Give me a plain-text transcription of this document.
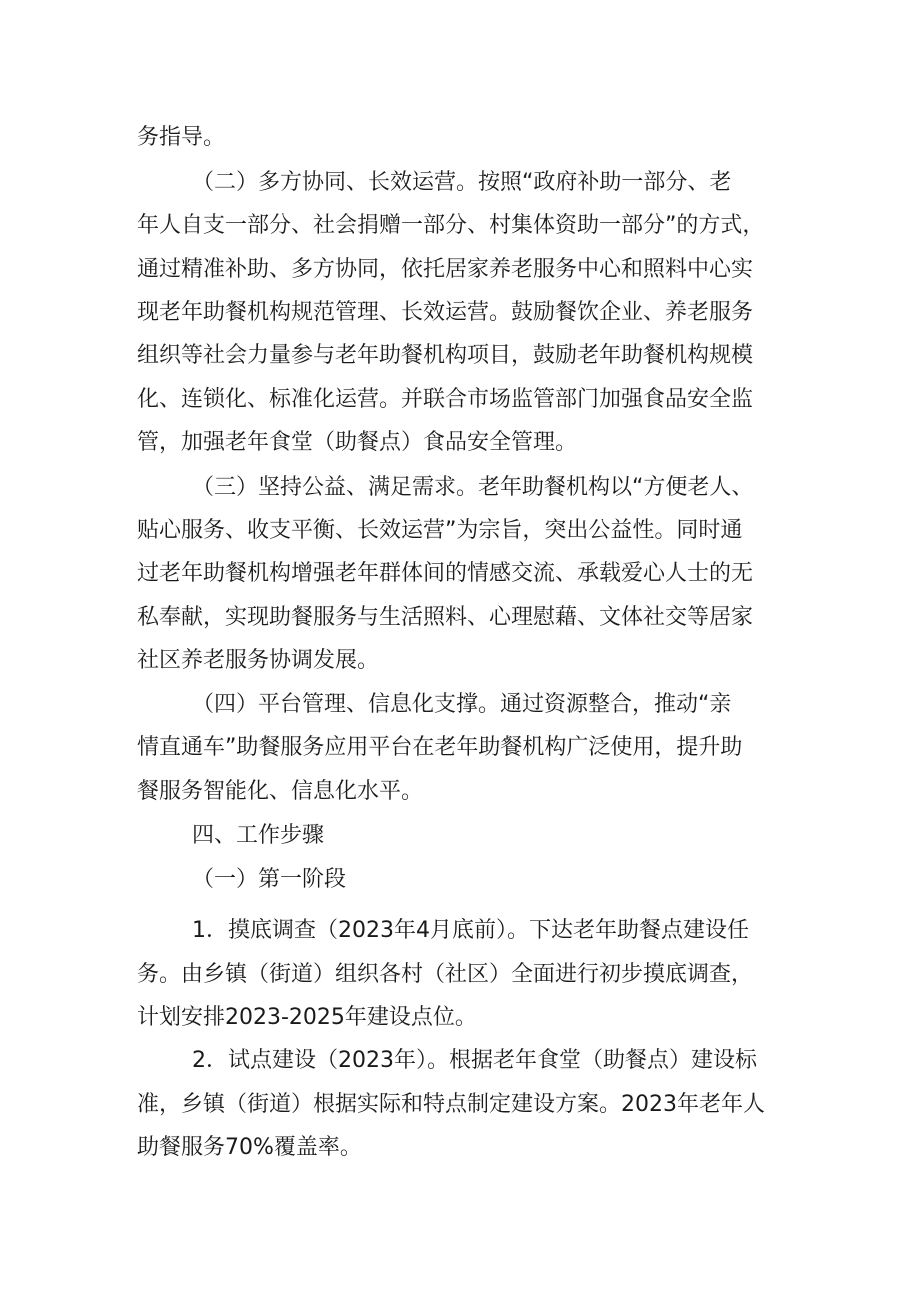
务指导。

（二）多方协同、长效运营。按照“政府补助一部分、老

年人自支一部分、社会捐赠一部分、村集体资助一部分”的方式，

通过精准补助、多方协同，依托居家养老服务中心和照料中心实

现老年助餐机构规范管理、长效运营。鼓励餐饮企业、养老服务

组织等社会力量参与老年助餐机构项目，鼓励老年助餐机构规模

化、连锁化、标准化运营。并联合市场监管部门加强食品安全监

管，加强老年食堂（助餐点）食品安全管理。

（三）坚持公益、满足需求。老年助餐机构以“方便老人、

贴心服务、收支平衡、长效运营”为宗旨，突出公益性。同时通

过老年助餐机构增强老年群体间的情感交流、承载爱心人士的无

私奉献，实现助餐服务与生活照料、心理慰藉、文体社交等居家

社区养老服务协调发展。

（四）平台管理、信息化支撑。通过资源整合，推动“亲

情直通车”助餐服务应用平台在老年助餐机构广泛使用，提升助

餐服务智能化、信息化水平。

四、工作步骤

（一）第一阶段

1．摸底调查（2023年4月底前）。下达老年助餐点建设任

务。由乡镇（街道）组织各村（社区）全面进行初步摸底调查，

计划安排2023-2025年建设点位。

2．试点建设（2023年）。根据老年食堂（助餐点）建设标

准，乡镇（街道）根据实际和特点制定建设方案。2023年老年人

助餐服务70%覆盖率。
